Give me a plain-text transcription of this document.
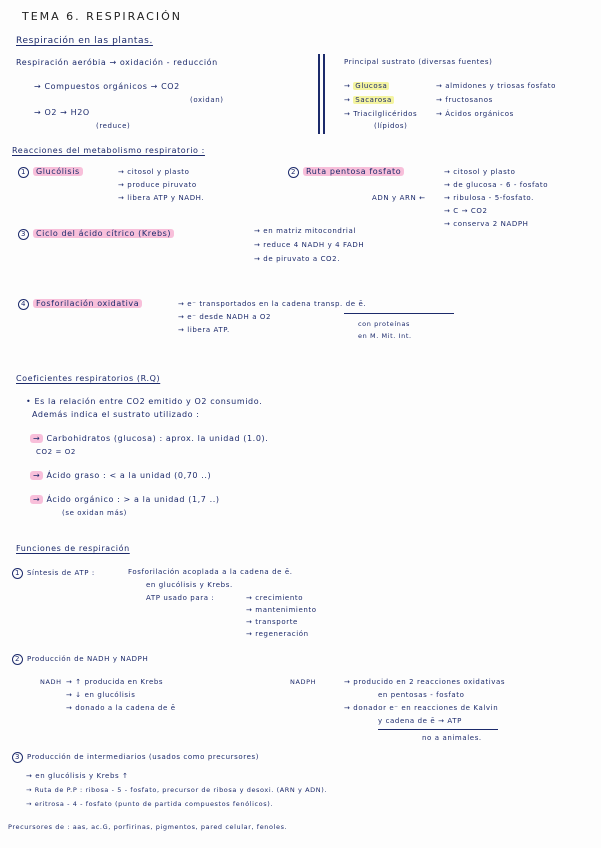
TEMA 6. RESPIRACIÓN
Respiración en las plantas.
Respiración aeróbia → oxidación - reducción
→ Compuestos orgánicos → CO2
(oxidan)
→ O2 → H2O
(reduce)
Principal sustrato (diversas fuentes)
→ Glucosa	→ almidones y triosas fosfato
→ Sacarosa	→ fructosanos
→ Triacilglicéridos	→ Ácidos orgánicos
(lípidos)
Reacciones del metabolismo respiratorio :
1 Glucólisis	→ citosol y plasto
→ produce piruvato
→ libera ATP y NADH.
2 Ruta pentosa fosfato	→ citosol y plasto
→ de glucosa - 6 - fosfato
ADN y ARN ←	→ ribulosa - 5-fosfato.
→ C → CO2
→ conserva 2 NADPH
3 Ciclo del ácido cítrico (Krebs)	→ en matriz mitocondrial
→ reduce 4 NADH y 4 FADH
→ de piruvato a CO2.
4 Fosforilación oxidativa	→ e⁻ transportados en la cadena transp. de ē.
→ e⁻ desde NADH a O2
→ libera ATP.
con proteínas
en M. Mit. Int.
Coeficientes respiratorios (R.Q)
• Es la relación entre CO2 emitido y O2 consumido.
Además indica el sustrato utilizado :
→ Carbohidratos (glucosa) : aprox. la unidad (1.0).
CO2 = O2
→ Ácido graso : < a la unidad (0,70 ..)
→ Ácido orgánico : > a la unidad (1,7 ..)
(se oxidan más)
Funciones de respiración
1 Síntesis de ATP :	Fosforilación acoplada a la cadena de ē.
en glucólisis y Krebs.
ATP usado para :	→ crecimiento
→ mantenimiento
→ transporte
→ regeneración
2 Producción de NADH y NADPH
NADH → ↑ producida en Krebs
→ ↓ en glucólisis
→ donado a la cadena de ē
NADPH	→ producido en 2 reacciones oxidativas
en pentosas - fosfato
→ donador e⁻ en reacciones de Kalvin
y cadena de ē → ATP
no a animales.
3 Producción de intermediarios (usados como precursores)
→ en glucólisis y Krebs ↑
→ Ruta de P.P : ribosa - 5 - fosfato, precursor de ribosa y desoxi. (ARN y ADN).
→ eritrosa - 4 - fosfato (punto de partida compuestos fenólicos).
Precursores de : aas, ac.G, porfirinas, pigmentos, pared celular, fenoles.
